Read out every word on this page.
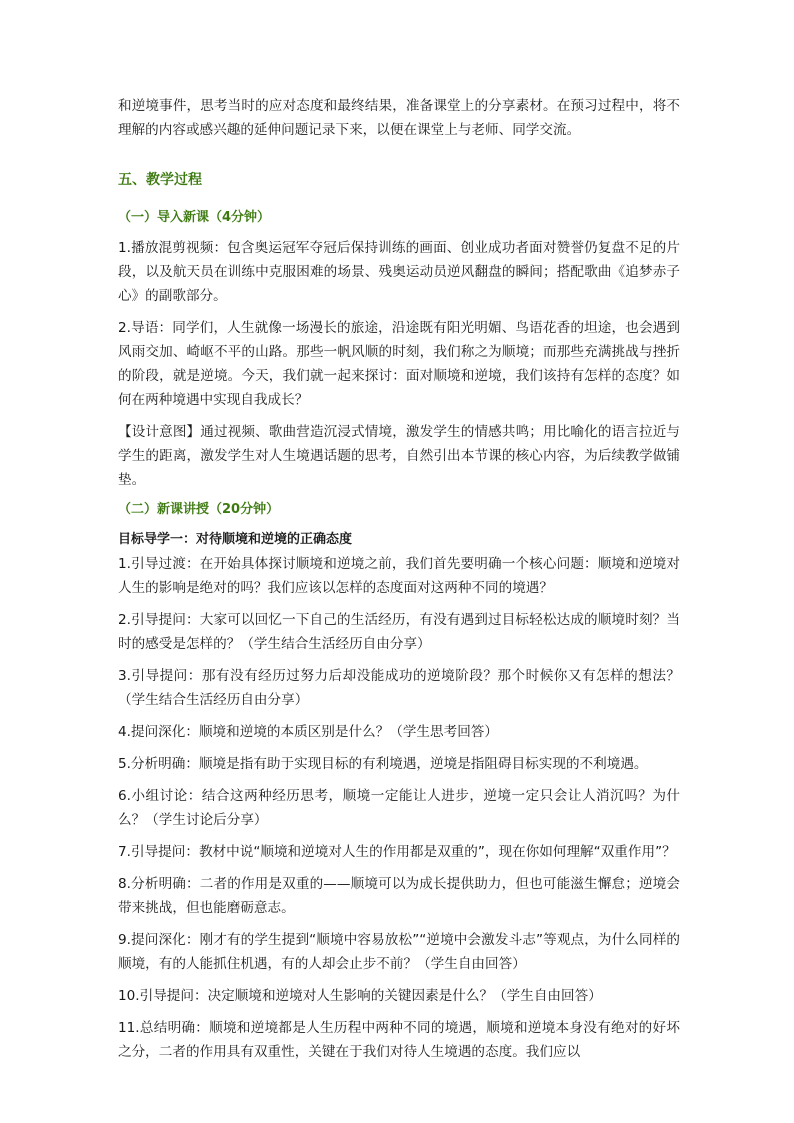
和逆境事件，思考当时的应对态度和最终结果，准备课堂上的分享素材。在预习过程中，将不理解的内容或感兴趣的延伸问题记录下来，以便在课堂上与老师、同学交流。

五、教学过程
（一）导入新课（4分钟）

1.播放混剪视频：包含奥运冠军夺冠后保持训练的画面、创业成功者面对赞誉仍复盘不足的片段，以及航天员在训练中克服困难的场景、残奥运动员逆风翻盘的瞬间；搭配歌曲《追梦赤子心》的副歌部分。

2.导语：同学们，人生就像一场漫长的旅途，沿途既有阳光明媚、鸟语花香的坦途，也会遇到风雨交加、崎岖不平的山路。那些一帆风顺的时刻，我们称之为顺境；而那些充满挑战与挫折的阶段，就是逆境。今天，我们就一起来探讨：面对顺境和逆境，我们该持有怎样的态度？如何在两种境遇中实现自我成长？

【设计意图】通过视频、歌曲营造沉浸式情境，激发学生的情感共鸣；用比喻化的语言拉近与学生的距离，激发学生对人生境遇话题的思考，自然引出本节课的核心内容，为后续教学做铺垫。

（二）新课讲授（20分钟）
目标导学一：对待顺境和逆境的正确态度

1.引导过渡：在开始具体探讨顺境和逆境之前，我们首先要明确一个核心问题：顺境和逆境对人生的影响是绝对的吗？我们应该以怎样的态度面对这两种不同的境遇？

2.引导提问：大家可以回忆一下自己的生活经历，有没有遇到过目标轻松达成的顺境时刻？当时的感受是怎样的？（学生结合生活经历自由分享）

3.引导提问：那有没有经历过努力后却没能成功的逆境阶段？那个时候你又有怎样的想法？（学生结合生活经历自由分享）

4.提问深化：顺境和逆境的本质区别是什么？（学生思考回答）

5.分析明确：顺境是指有助于实现目标的有利境遇，逆境是指阻碍目标实现的不利境遇。

6.小组讨论：结合这两种经历思考，顺境一定能让人进步，逆境一定只会让人消沉吗？为什么？（学生讨论后分享）

7.引导提问：教材中说“顺境和逆境对人生的作用都是双重的”，现在你如何理解“双重作用”？

8.分析明确：二者的作用是双重的——顺境可以为成长提供助力，但也可能滋生懈怠；逆境会带来挑战，但也能磨砺意志。

9.提问深化：刚才有的学生提到“顺境中容易放松”“逆境中会激发斗志”等观点，为什么同样的顺境，有的人能抓住机遇，有的人却会止步不前？（学生自由回答）

10.引导提问：决定顺境和逆境对人生影响的关键因素是什么？（学生自由回答）

11.总结明确：顺境和逆境都是人生历程中两种不同的境遇，顺境和逆境本身没有绝对的好坏之分，二者的作用具有双重性，关键在于我们对待人生境遇的态度。我们应以
